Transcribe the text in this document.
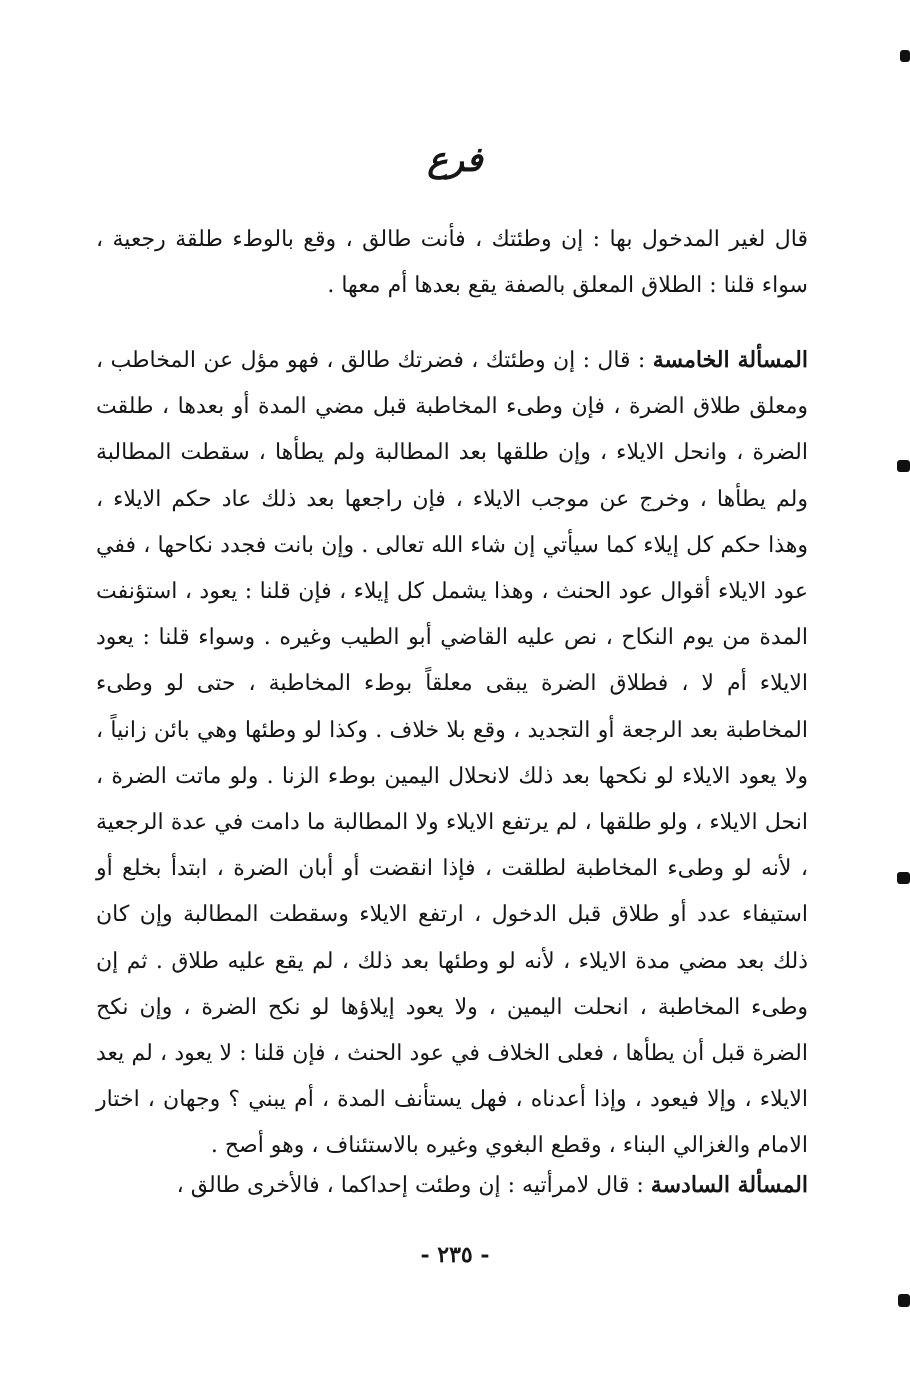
فرع

قال لغير المدخول بها : إن وطئتك ، فأنت طالق ، وقع بالوطء طلقة رجعية ، سواء قلنا : الطلاق المعلق بالصفة يقع بعدها أم معها .

المسألة الخامسة : قال : إن وطئتك ، فضرتك طالق ، فهو مؤل عن المخاطب ، ومعلق طلاق الضرة ، فإن وطىء المخاطبة قبل مضي المدة أو بعدها ، طلقت الضرة ، وانحل الايلاء ، وإن طلقها بعد المطالبة ولم يطأها ، سقطت المطالبة ولم يطأها ، وخرج عن موجب الايلاء ، فإن راجعها بعد ذلك عاد حكم الايلاء ، وهذا حكم كل إيلاء كما سيأتي إن شاء الله تعالى . وإن بانت فجدد نكاحها ، ففي عود الايلاء أقوال عود الحنث ، وهذا يشمل كل إيلاء ، فإن قلنا : يعود ، استؤنفت المدة من يوم النكاح ، نص عليه القاضي أبو الطيب وغيره . وسواء قلنا : يعود الايلاء أم لا ، فطلاق الضرة يبقى معلقاً بوطء المخاطبة ، حتى لو وطىء المخاطبة بعد الرجعة أو التجديد ، وقع بلا خلاف . وكذا لو وطئها وهي بائن زانياً ، ولا يعود الايلاء لو نكحها بعد ذلك لانحلال اليمين بوطء الزنا . ولو ماتت الضرة ، انحل الايلاء ، ولو طلقها ، لم يرتفع الايلاء ولا المطالبة ما دامت في عدة الرجعية ، لأنه لو وطىء المخاطبة لطلقت ، فإذا انقضت أو أبان الضرة ، ابتدأ بخلع أو استيفاء عدد أو طلاق قبل الدخول ، ارتفع الايلاء وسقطت المطالبة وإن كان ذلك بعد مضي مدة الايلاء ، لأنه لو وطئها بعد ذلك ، لم يقع عليه طلاق . ثم إن وطىء المخاطبة ، انحلت اليمين ، ولا يعود إيلاؤها لو نكح الضرة ، وإن نكح الضرة قبل أن يطأها ، فعلى الخلاف في عود الحنث ، فإن قلنا : لا يعود ، لم يعد الايلاء ، وإلا فيعود ، وإذا أعدناه ، فهل يستأنف المدة ، أم يبني ؟ وجهان ، اختار الامام والغزالي البناء ، وقطع البغوي وغيره بالاستئناف ، وهو أصح .

المسألة السادسة : قال لامرأتيه : إن وطئت إحداكما ، فالأخرى طالق ،

- ٢٣٥ -
